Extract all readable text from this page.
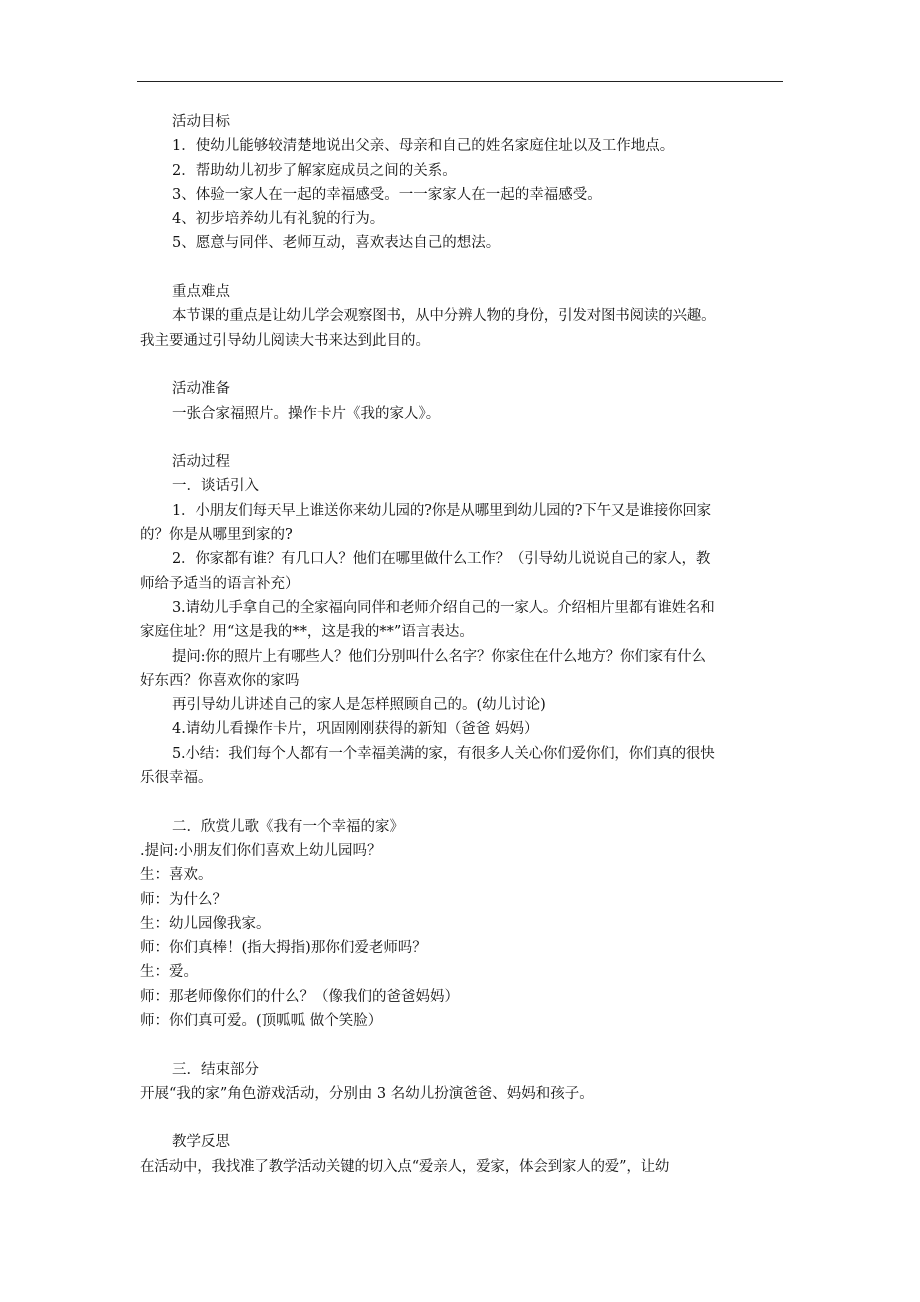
活动目标

1．使幼儿能够较清楚地说出父亲、母亲和自己的姓名家庭住址以及工作地点。

2．帮助幼儿初步了解家庭成员之间的关系。

3、体验一家人在一起的幸福感受。一一家家人在一起的幸福感受。

4、初步培养幼儿有礼貌的行为。

5、愿意与同伴、老师互动，喜欢表达自己的想法。

重点难点

本节课的重点是让幼儿学会观察图书，从中分辨人物的身份，引发对图书阅读的兴趣。

我主要通过引导幼儿阅读大书来达到此目的。

活动准备

一张合家福照片。操作卡片《我的家人》。

活动过程

一．谈话引入

1．小朋友们每天早上谁送你来幼儿园的?你是从哪里到幼儿园的?下午又是谁接你回家

的？你是从哪里到家的?

2．你家都有谁？有几口人？他们在哪里做什么工作？（引导幼儿说说自己的家人，教

师给予适当的语言补充）

3.请幼儿手拿自己的全家福向同伴和老师介绍自己的一家人。介绍相片里都有谁姓名和

家庭住址？用“这是我的**，这是我的**”语言表达。

提问:你的照片上有哪些人？他们分别叫什么名字？你家住在什么地方？你们家有什么

好东西？你喜欢你的家吗

再引导幼儿讲述自己的家人是怎样照顾自己的。(幼儿讨论)

4.请幼儿看操作卡片，巩固刚刚获得的新知（爸爸 妈妈）

5.小结：我们每个人都有一个幸福美满的家，有很多人关心你们爱你们，你们真的很快

乐很幸福。

二．欣赏儿歌《我有一个幸福的家》

.提问:小朋友们你们喜欢上幼儿园吗？

生：喜欢。

师：为什么？

生：幼儿园像我家。

师：你们真棒！(指大拇指)那你们爱老师吗？

生：爱。

师：那老师像你们的什么？（像我们的爸爸妈妈）

师：你们真可爱。(顶呱呱 做个笑脸）

三．结束部分

开展“我的家”角色游戏活动，分别由 3 名幼儿扮演爸爸、妈妈和孩子。

教学反思

在活动中，我找准了教学活动关键的切入点“爱亲人，爱家，体会到家人的爱”，让幼
